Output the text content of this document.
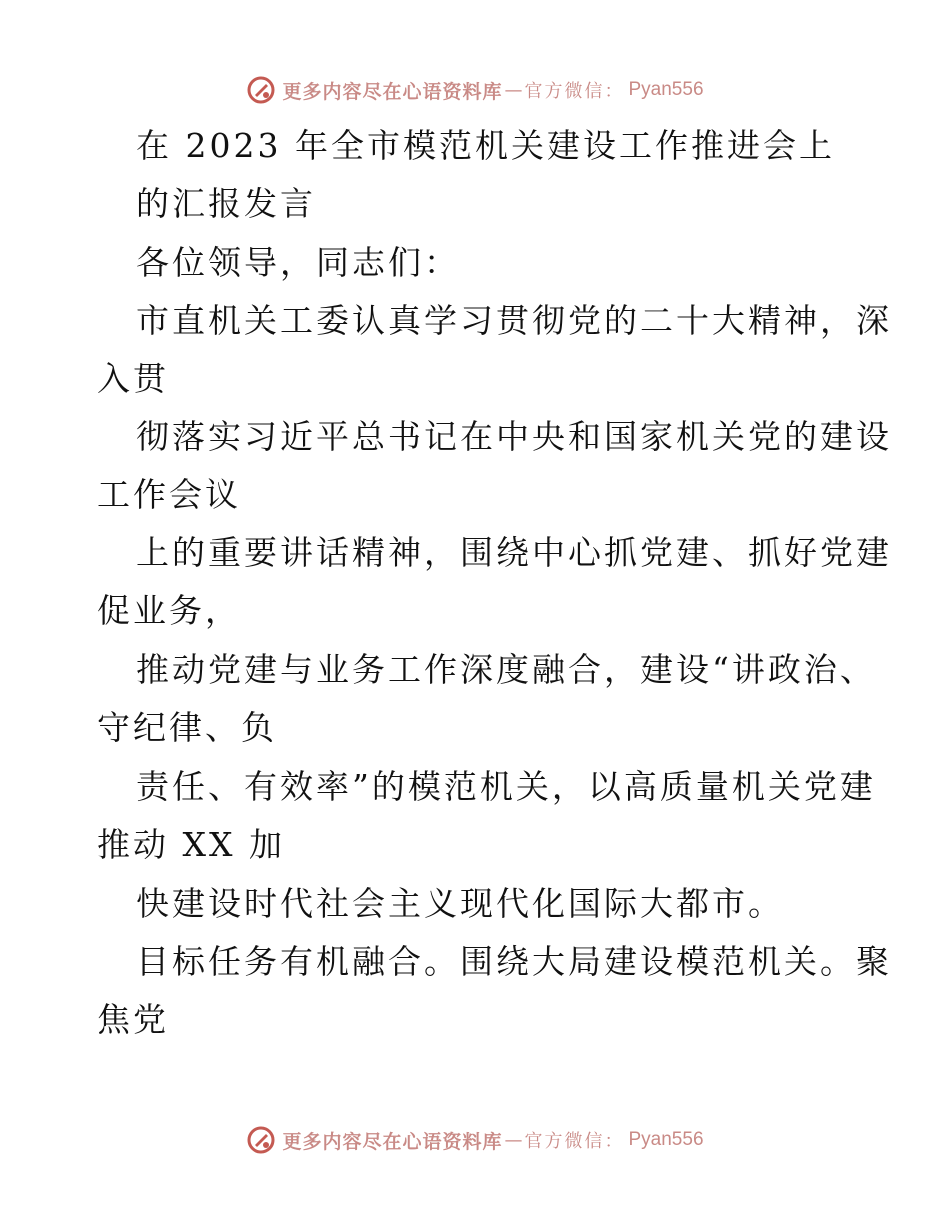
更多内容尽在心语资料库 — 官方微信： Pyan556
在 2023 年全市模范机关建设工作推进会上
的汇报发言
各位领导，同志们：
市直机关工委认真学习贯彻党的二十大精神，深
入贯
彻落实习近平总书记在中央和国家机关党的建设
工作会议
上的重要讲话精神，围绕中心抓党建、抓好党建
促业务，
推动党建与业务工作深度融合，建设“讲政治、
守纪律、负
责任、有效率”的模范机关，以高质量机关党建
推动 XX 加
快建设时代社会主义现代化国际大都市。
目标任务有机融合。围绕大局建设模范机关。聚
焦党
更多内容尽在心语资料库 — 官方微信： Pyan556
